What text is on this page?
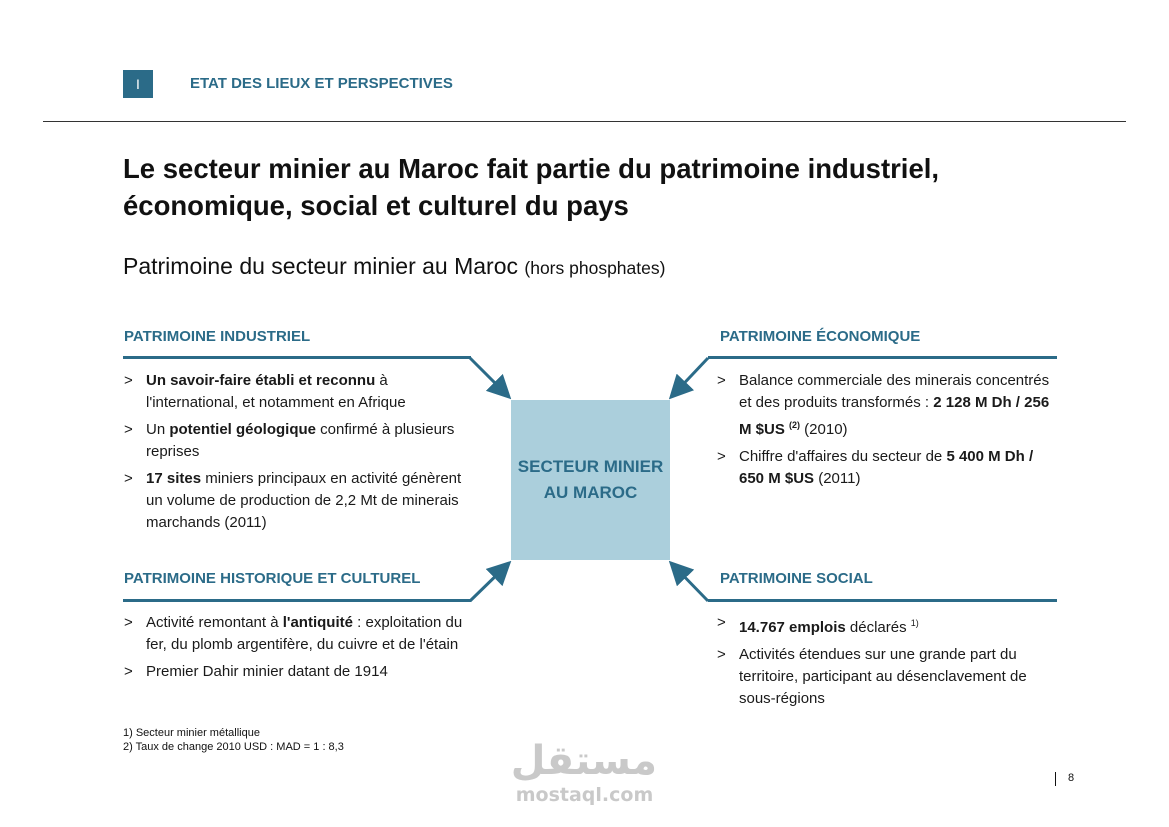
I	ETAT DES LIEUX ET PERSPECTIVES
Le secteur minier au Maroc fait partie du patrimoine industriel,
économique, social et culturel du pays
Patrimoine du secteur minier au Maroc (hors phosphates)
SECTEUR MINIER
AU MAROC
PATRIMOINE INDUSTRIEL
> Un savoir-faire établi et reconnu à l'international, et notamment en Afrique
> Un potentiel géologique confirmé à plusieurs reprises
> 17 sites miniers principaux en activité génèrent un volume de production de 2,2 Mt de minerais marchands (2011)
PATRIMOINE ÉCONOMIQUE
> Balance commerciale des minerais concentrés et des produits transformés : 2 128 M Dh / 256 M $US $^{(2)}$ (2010)
> Chiffre d'affaires du secteur de 5 400 M Dh / 650 M $US (2011)
PATRIMOINE HISTORIQUE ET CULTUREL
> Activité remontant à l'antiquité : exploitation du fer, du plomb argentifère, du cuivre et de l'étain
> Premier Dahir minier datant de 1914
PATRIMOINE SOCIAL
> 14.767 emplois déclarés $^{1)}$
> Activités étendues sur une grande part du territoire, participant au désenclavement de sous-régions
1) Secteur minier métallique
2) Taux de change 2010 USD : MAD = 1 : 8,3	مستقل
mostaql.com
8
